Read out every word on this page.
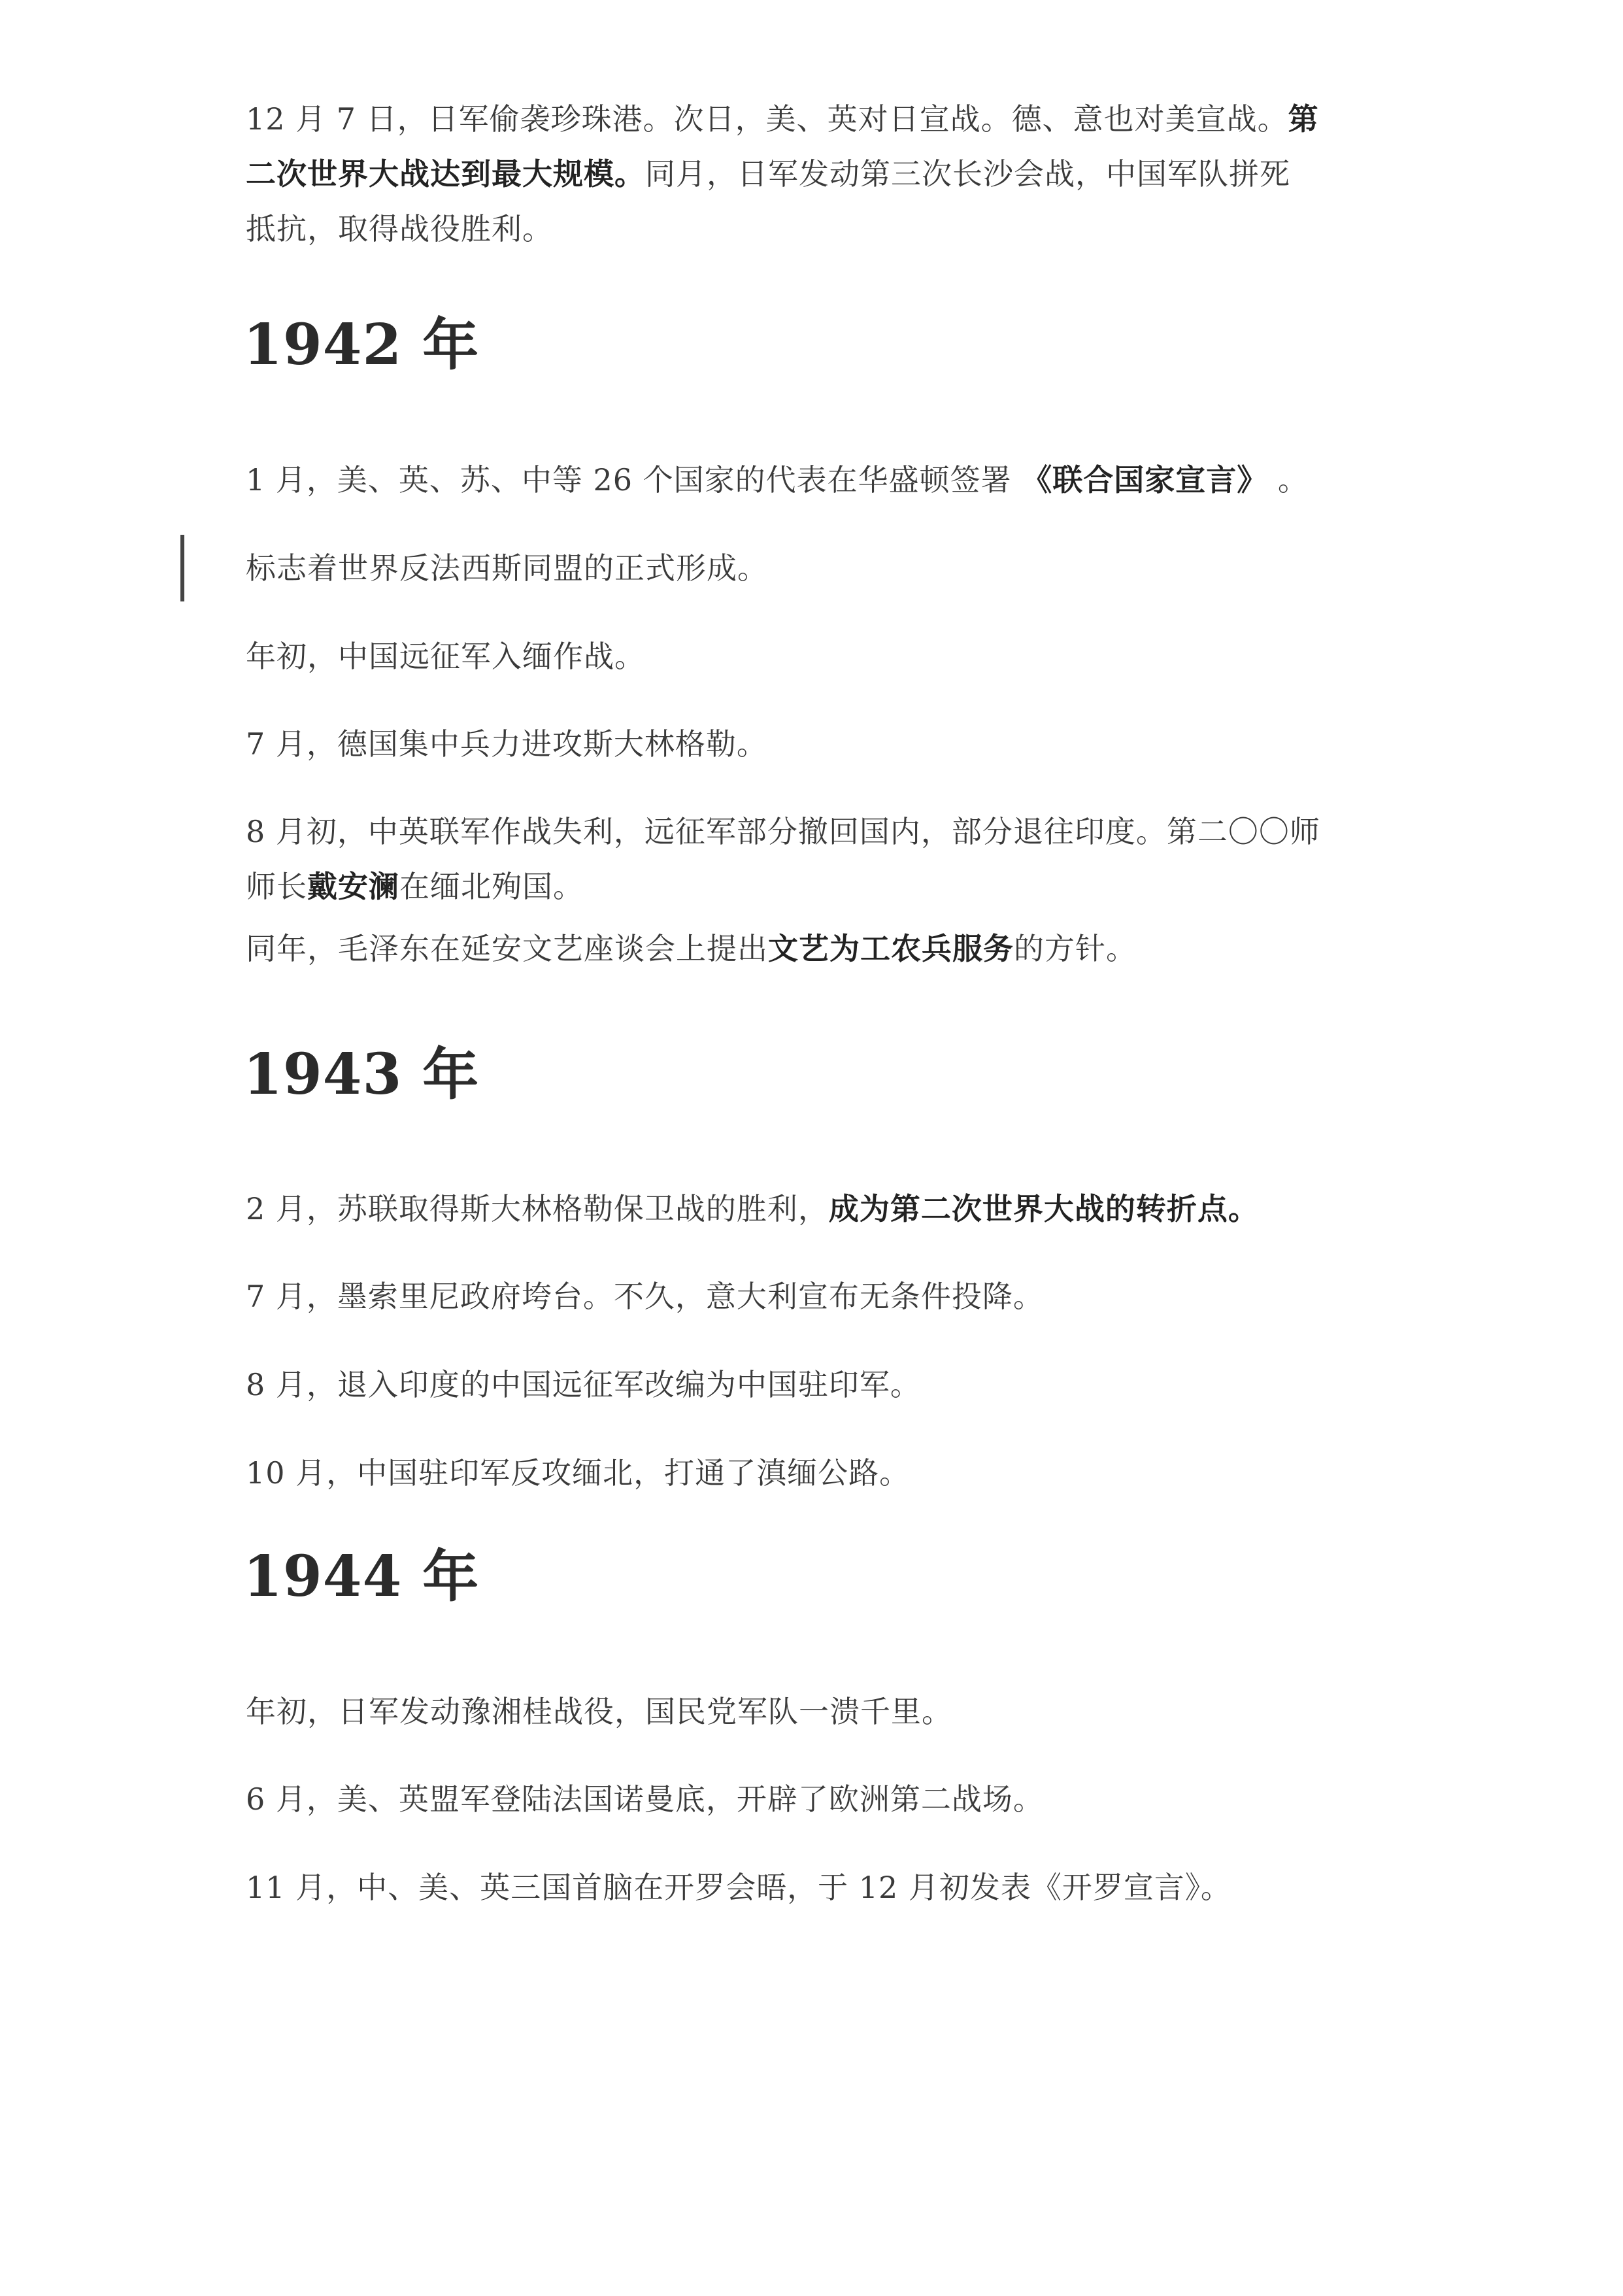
12 月 7 日，日军偷袭珍珠港。次日，美、英对日宣战。德、意也对美宣战。第
二次世界大战达到最大规模。同月，日军发动第三次长沙会战，中国军队拼死
抵抗，取得战役胜利。
1942 年
1 月，美、英、苏、中等 26 个国家的代表在华盛顿签署 《联合国家宣言》 。
标志着世界反法西斯同盟的正式形成。
年初，中国远征军入缅作战。
7 月，德国集中兵力进攻斯大林格勒。
8 月初，中英联军作战失利，远征军部分撤回国内，部分退往印度。第二〇〇师
师长戴安澜在缅北殉国。
同年，毛泽东在延安文艺座谈会上提出文艺为工农兵服务的方针。
1943 年
2 月，苏联取得斯大林格勒保卫战的胜利，成为第二次世界大战的转折点。
7 月，墨索里尼政府垮台。不久，意大利宣布无条件投降。
8 月，退入印度的中国远征军改编为中国驻印军。
10 月，中国驻印军反攻缅北，打通了滇缅公路。
1944 年
年初，日军发动豫湘桂战役，国民党军队一溃千里。
6 月，美、英盟军登陆法国诺曼底，开辟了欧洲第二战场。
11 月，中、美、英三国首脑在开罗会晤，于 12 月初发表《开罗宣言》。
